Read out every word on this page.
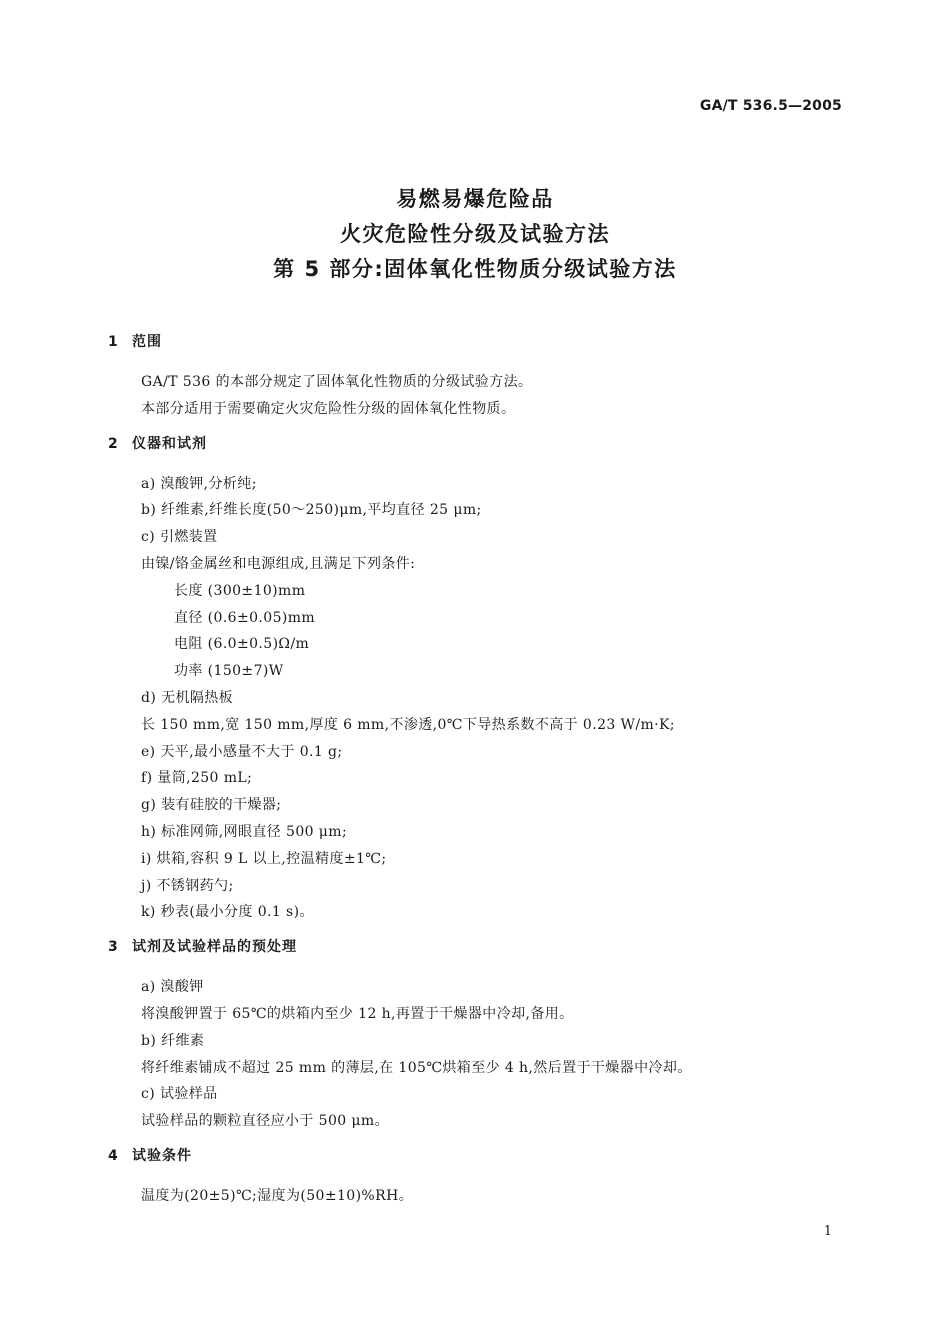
GA/T 536.5—2005
易燃易爆危险品
火灾危险性分级及试验方法
第 5 部分:固体氧化性物质分级试验方法
1 范围
GA/T 536 的本部分规定了固体氧化性物质的分级试验方法。
本部分适用于需要确定火灾危险性分级的固体氧化性物质。
2 仪器和试剂
a) 溴酸钾,分析纯;
b) 纤维素,纤维长度(50～250)μm,平均直径 25 μm;
c) 引燃装置
由镍/铬金属丝和电源组成,且满足下列条件:
长度 (300±10)mm
直径 (0.6±0.05)mm
电阻 (6.0±0.5)Ω/m
功率 (150±7)W
d) 无机隔热板
长 150 mm,宽 150 mm,厚度 6 mm,不渗透,0℃下导热系数不高于 0.23 W/m·K;
e) 天平,最小感量不大于 0.1 g;
f) 量筒,250 mL;
g) 装有硅胶的干燥器;
h) 标准网筛,网眼直径 500 μm;
i) 烘箱,容积 9 L 以上,控温精度±1℃;
j) 不锈钢药勺;
k) 秒表(最小分度 0.1 s)。
3 试剂及试验样品的预处理
a) 溴酸钾
将溴酸钾置于 65℃的烘箱内至少 12 h,再置于干燥器中冷却,备用。
b) 纤维素
将纤维素铺成不超过 25 mm 的薄层,在 105℃烘箱至少 4 h,然后置于干燥器中冷却。
c) 试验样品
试验样品的颗粒直径应小于 500 μm。
4 试验条件
温度为(20±5)℃;湿度为(50±10)%RH。
1
